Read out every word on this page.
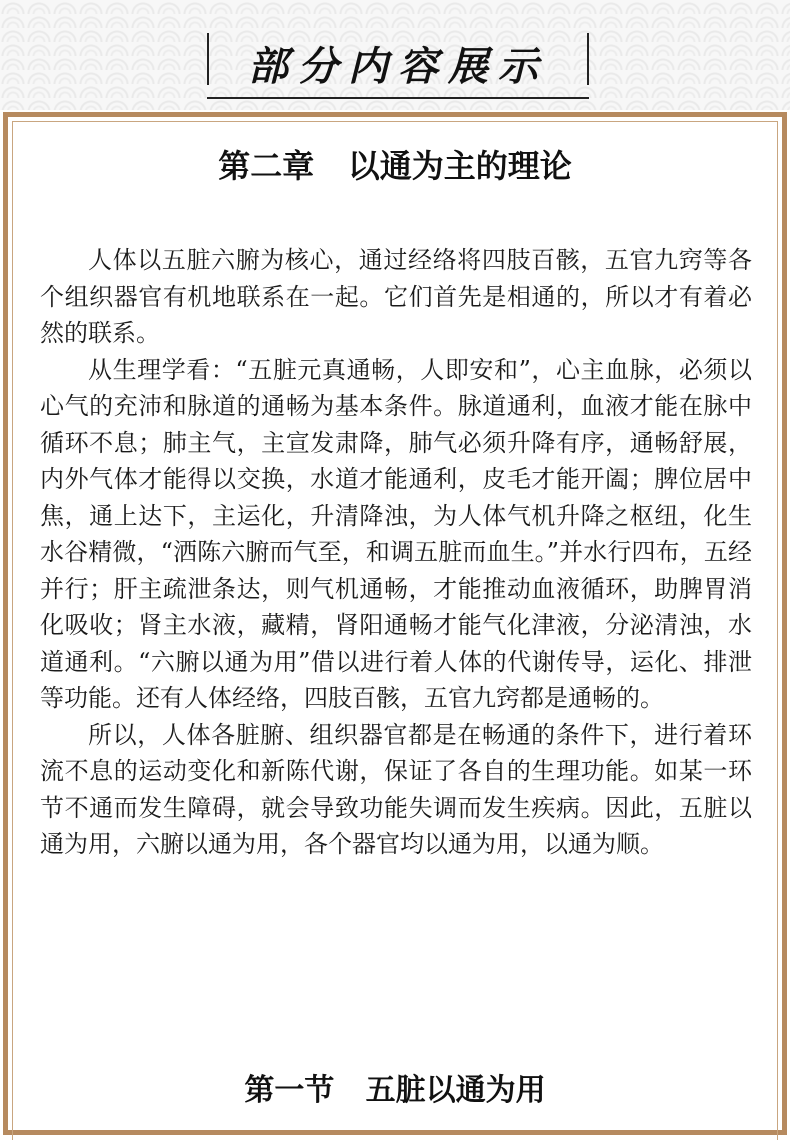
部分内容展示
第二章   以通为主的理论

人体以五脏六腑为核心，通过经络将四肢百骸，五官九窍等各个组织器官有机地联系在一起。它们首先是相通的，所以才有着必然的联系。

从生理学看：“五脏元真通畅，人即安和”，心主血脉，必须以心气的充沛和脉道的通畅为基本条件。脉道通利，血液才能在脉中循环不息；肺主气，主宣发肃降，肺气必须升降有序，通畅舒展，内外气体才能得以交换，水道才能通利，皮毛才能开阖；脾位居中焦，通上达下，主运化，升清降浊，为人体气机升降之枢纽，化生水谷精微，“洒陈六腑而气至，和调五脏而血生。”并水行四布，五经并行；肝主疏泄条达，则气机通畅，才能推动血液循环，助脾胃消化吸收；肾主水液，藏精，肾阳通畅才能气化津液，分泌清浊，水道通利。“六腑以通为用”借以进行着人体的代谢传导，运化、排泄等功能。还有人体经络，四肢百骸，五官九窍都是通畅的。

所以，人体各脏腑、组织器官都是在畅通的条件下，进行着环流不息的运动变化和新陈代谢，保证了各自的生理功能。如某一环节不通而发生障碍，就会导致功能失调而发生疾病。因此，五脏以通为用，六腑以通为用，各个器官均以通为用，以通为顺。

第一节   五脏以通为用
